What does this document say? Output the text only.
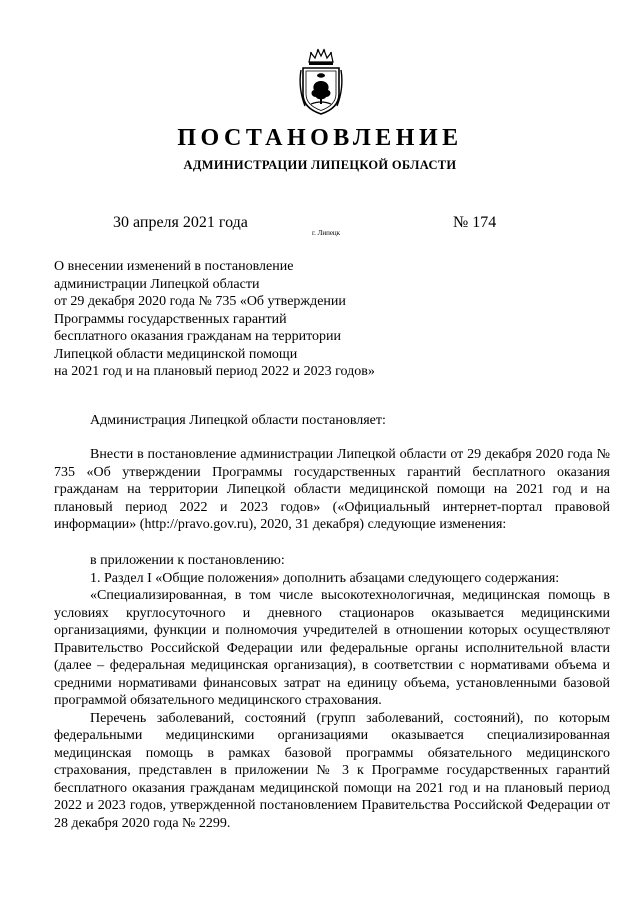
ПОСТАНОВЛЕНИЕ
АДМИНИСТРАЦИИ ЛИПЕЦКОЙ ОБЛАСТИ
30 апреля 2021 года
г. Липецк
№ 174
О внесении изменений в постановление
администрации Липецкой области
от 29 декабря 2020 года № 735 «Об утверждении
Программы государственных гарантий
бесплатного оказания гражданам на территории
Липецкой области медицинской помощи
на 2021 год и на плановый период 2022 и 2023 годов»

Администрация Липецкой области постановляет:

Внести в постановление администрации Липецкой области от 29 декабря 2020 года № 735 «Об утверждении Программы государственных гарантий бесплатного оказания гражданам на территории Липецкой области медицинской помощи на 2021 год и на плановый период 2022 и 2023 годов» («Официальный интернет-портал правовой информации» (http://pravo.gov.ru), 2020, 31 декабря) следующие изменения:

в приложении к постановлению:

1. Раздел I «Общие положения» дополнить абзацами следующего содержания:

«Специализированная, в том числе высокотехнологичная, медицинская помощь в условиях круглосуточного и дневного стационаров оказывается медицинскими организациями, функции и полномочия учредителей в отношении которых осуществляют Правительство Российской Федерации или федеральные органы исполнительной власти (далее – федеральная медицинская организация), в соответствии с нормативами объема и средними нормативами финансовых затрат на единицу объема, установленными базовой программой обязательного медицинского страхования.

Перечень заболеваний, состояний (групп заболеваний, состояний), по которым федеральными медицинскими организациями оказывается специализированная медицинская помощь в рамках базовой программы обязательного медицинского страхования, представлен в приложении № 3 к Программе государственных гарантий бесплатного оказания гражданам медицинской помощи на 2021 год и на плановый период 2022 и 2023 годов, утвержденной постановлением Правительства Российской Федерации от 28 декабря 2020 года № 2299.
